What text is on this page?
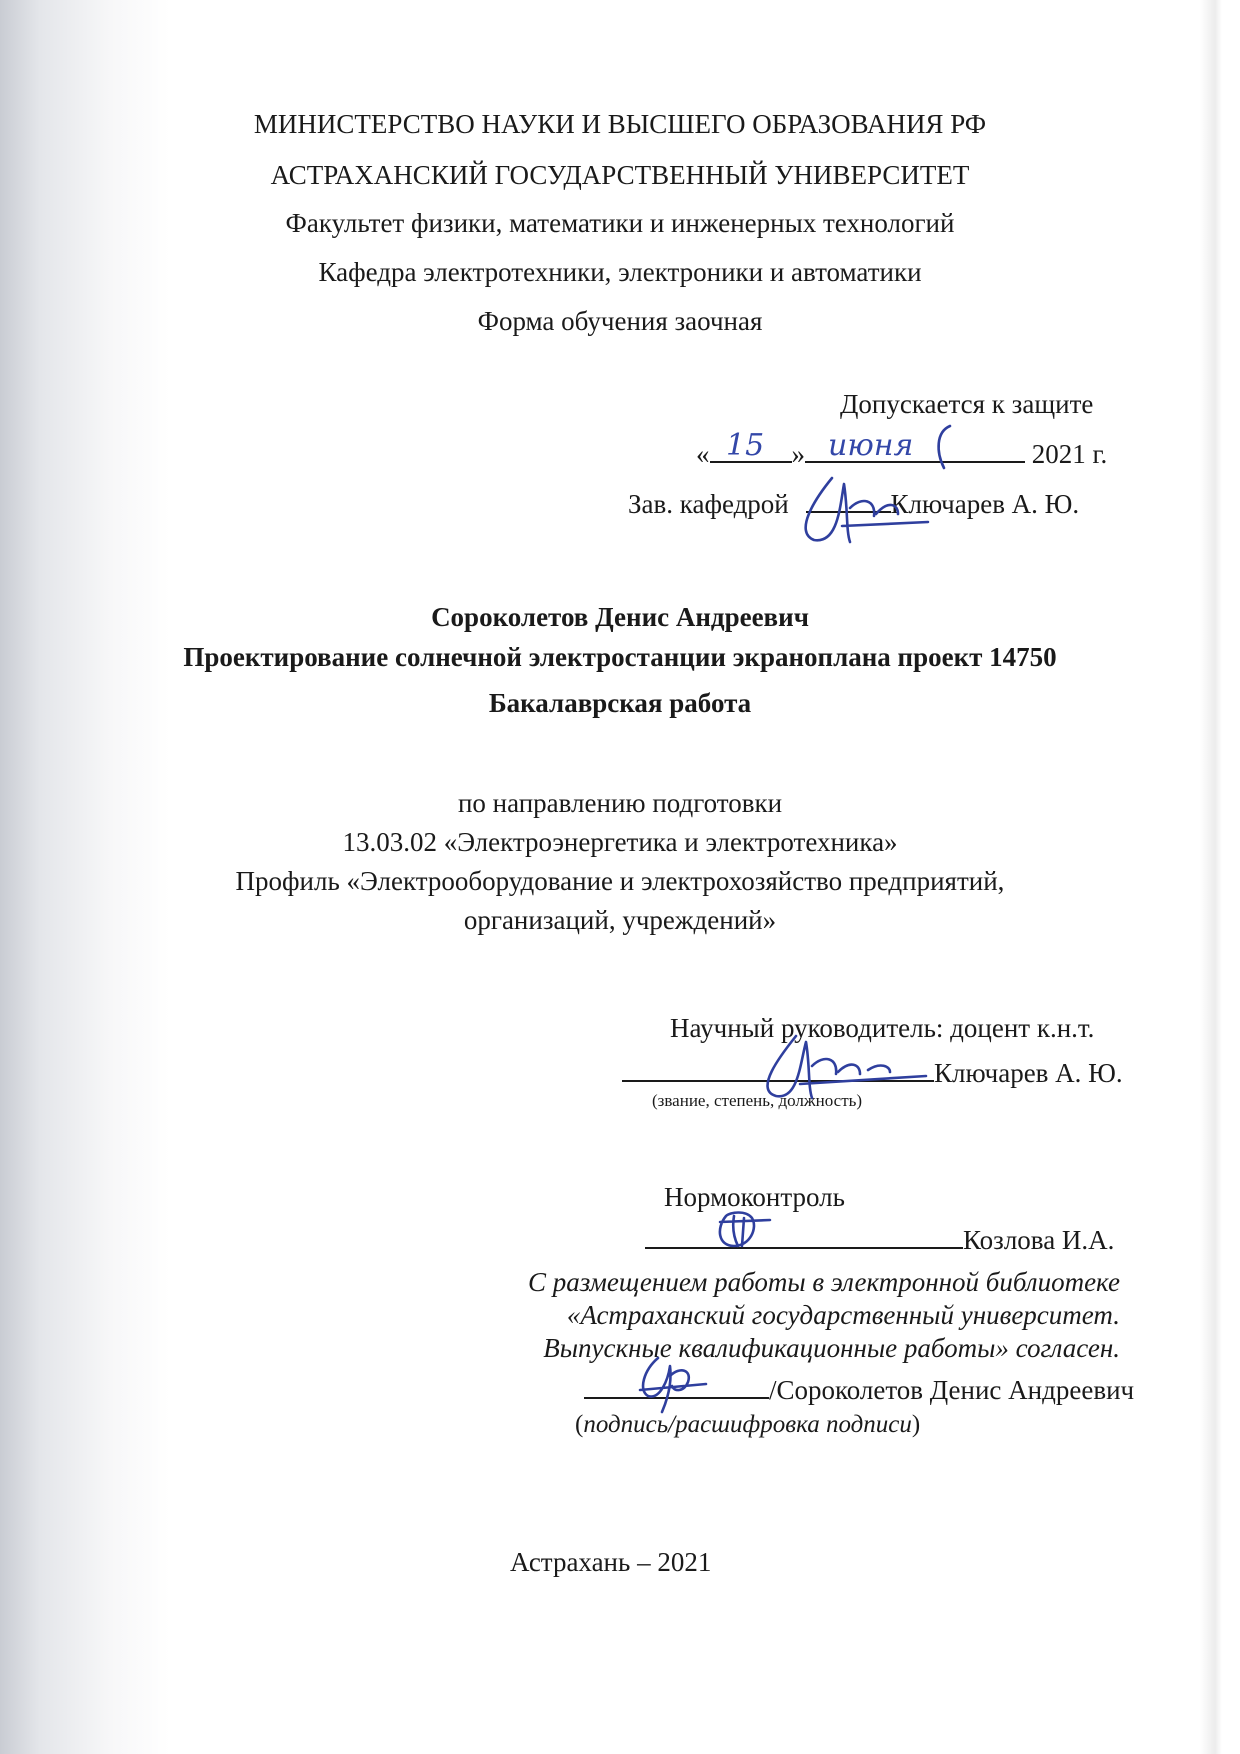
МИНИСТЕРСТВО НАУКИ И ВЫСШЕГО ОБРАЗОВАНИЯ РФ
АСТРАХАНСКИЙ ГОСУДАРСТВЕННЫЙ УНИВЕРСИТЕТ
Факультет физики, математики и инженерных технологий
Кафедра электротехники, электроники и автоматики
Форма обучения заочная
Допускается к защите
«	»	2021 г.
15 июня
Зав. кафедрой	Ключарев А. Ю.
Сороколетов Денис Андреевич
Проектирование солнечной электростанции экраноплана проект 14750
Бакалаврская работа
по направлению подготовки
13.03.02 «Электроэнергетика и электротехника»
Профиль «Электрооборудование и электрохозяйство предприятий,
организаций, учреждений»
Научный руководитель: доцент к.н.т.
Ключарев А. Ю.
(звание, степень, должность)
Нормоконтроль
Козлова И.А.
С размещением работы в электронной библиотеке
«Астраханский государственный университет.
Выпускные квалификационные работы» согласен.
/Сороколетов Денис Андреевич
(подпись/расшифровка подписи)
Астрахань – 2021
